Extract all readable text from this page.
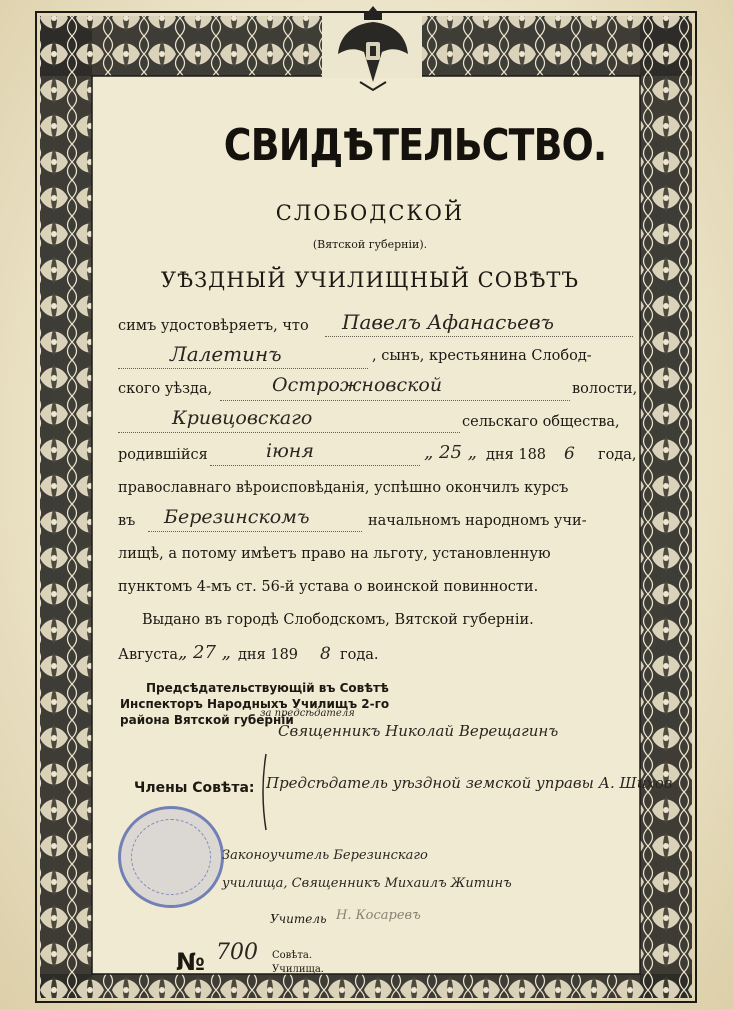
СВИДѢТЕЛЬСТВО.
СЛОБОДСКОЙ
(Вятской губерніи).
УѢЗДНЫЙ УЧИЛИЩНЫЙ СОВѢТЪ
симъ удостовѣряетъ, что Павелъ Афанасьевъ
Лалетинъ	, сынъ, крестьянина Слобод-
ского уѣзда,	Острожновской	волости,
Кривцовскаго	сельскаго общества,
родившійся	іюня	„ 25 „ дня 188 6 года,
православнаго вѣроисповѣданія, успѣшно окончилъ курсъ
въ Березинскомъ	начальномъ народномъ учи-
лищѣ, а потому имѣетъ право на льготу, установленную
пунктомъ 4-мъ ст. 56-й устава о воинской повинности.
Выдано въ городѣ Слободскомъ, Вятской губерніи.
Августа „ 27 „ дня 189 8 года.
Предсѣдательствующій въ Совѣтѣ
Инспекторъ Народныхъ Училищъ 2-го
района Вятской губерніи
за предсѣдателя
Священникъ Николай Верещагинъ
Члены Совѣта: Предсѣдатель уѣздной земской управы А. Шихов
Законоучитель Березинскаго
училища, Священникъ Михаилъ Житинъ
Учитель Н. Косаревъ
№ 700 Совѣта.
Училища.
